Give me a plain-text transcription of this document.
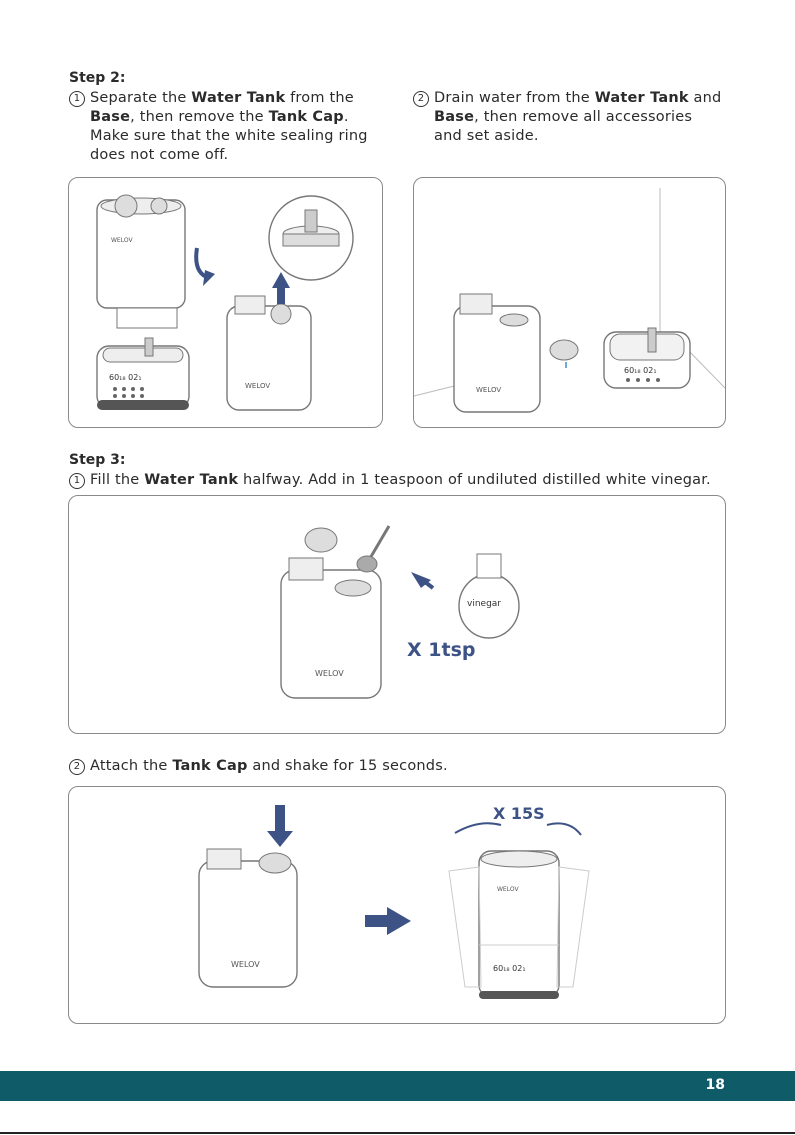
Step 2:
1 Separate the Water Tank from the
Base, then remove the Tank Cap.
Make sure that the white sealing ring
does not come off.
2 Drain water from the Water Tank and
Base, then remove all accessories
and set aside.
WELOV
60₁₈ 02₁
WELOV	WELOV
60₁₈ 02₁
Step 3:
1 Fill the Water Tank halfway. Add in 1 teaspoon of undiluted distilled white vinegar.
WELOV
vinegar
X 1tsp
2 Attach the Tank Cap and shake for 15 seconds.
WELOV
X 15S
WELOV
60₁₈ 02₁
18
